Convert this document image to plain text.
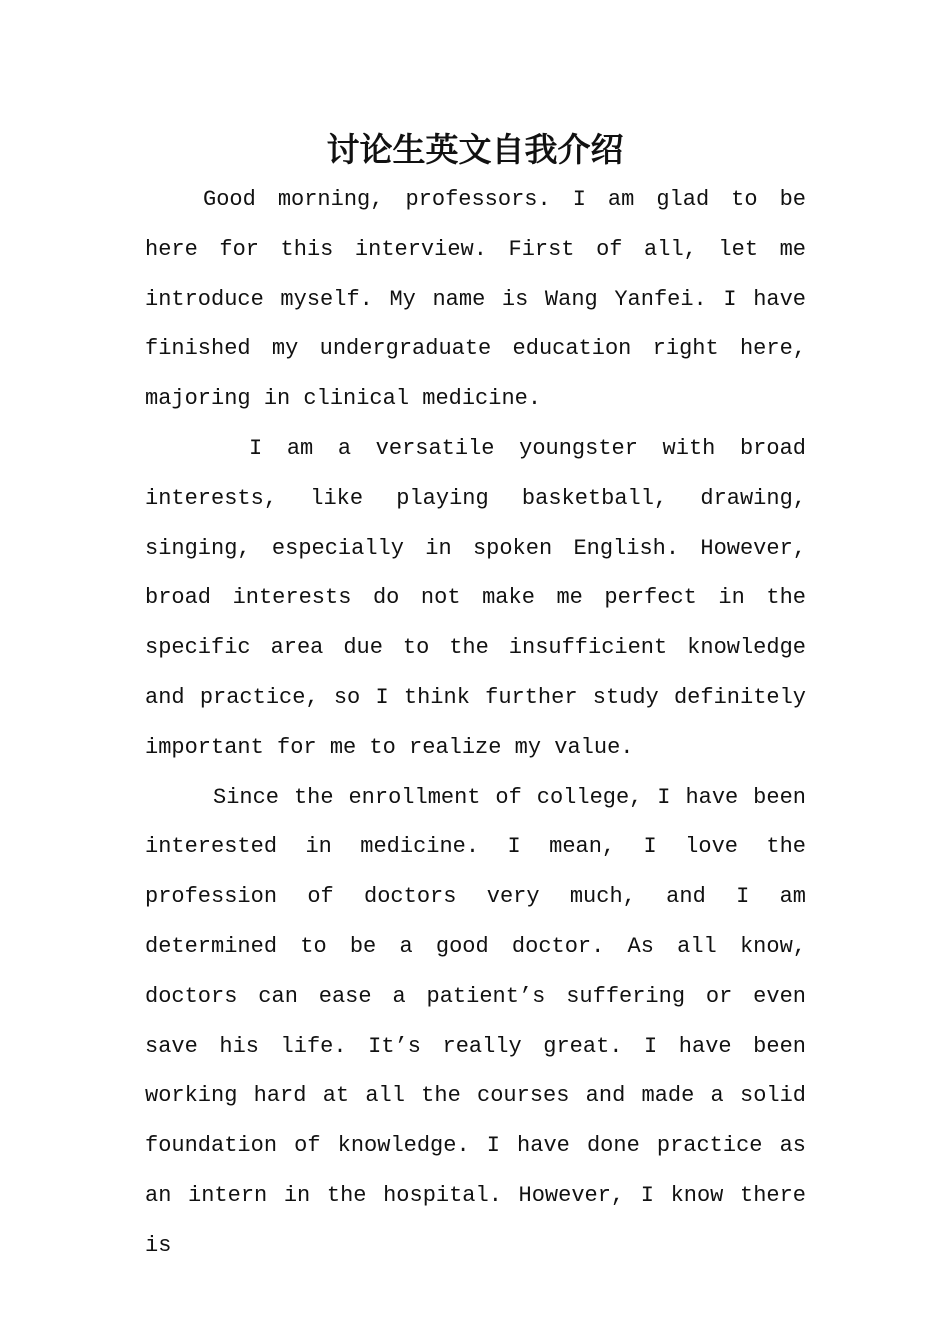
讨论生英文自我介绍

Good morning, professors. I am glad to be here for this interview. First of all, let me introduce myself. My name is Wang Yanfei. I have finished my undergraduate education right here, majoring in clinical medicine.

I am a versatile youngster with broad interests, like playing basketball, drawing, singing, especially in spoken English. However, broad interests do not make me perfect in the specific area due to the insufficient knowledge and practice, so I think further study definitely important for me to realize my value.

Since the enrollment of college, I have been interested in medicine. I mean, I love the profession of doctors very much, and I am determined to be a good doctor. As all know, doctors can ease a patient’s suffering or even save his life. It’s really great. I have been working hard at all the courses and made a solid foundation of knowledge. I have done practice as an intern in the hospital. However, I know there is
